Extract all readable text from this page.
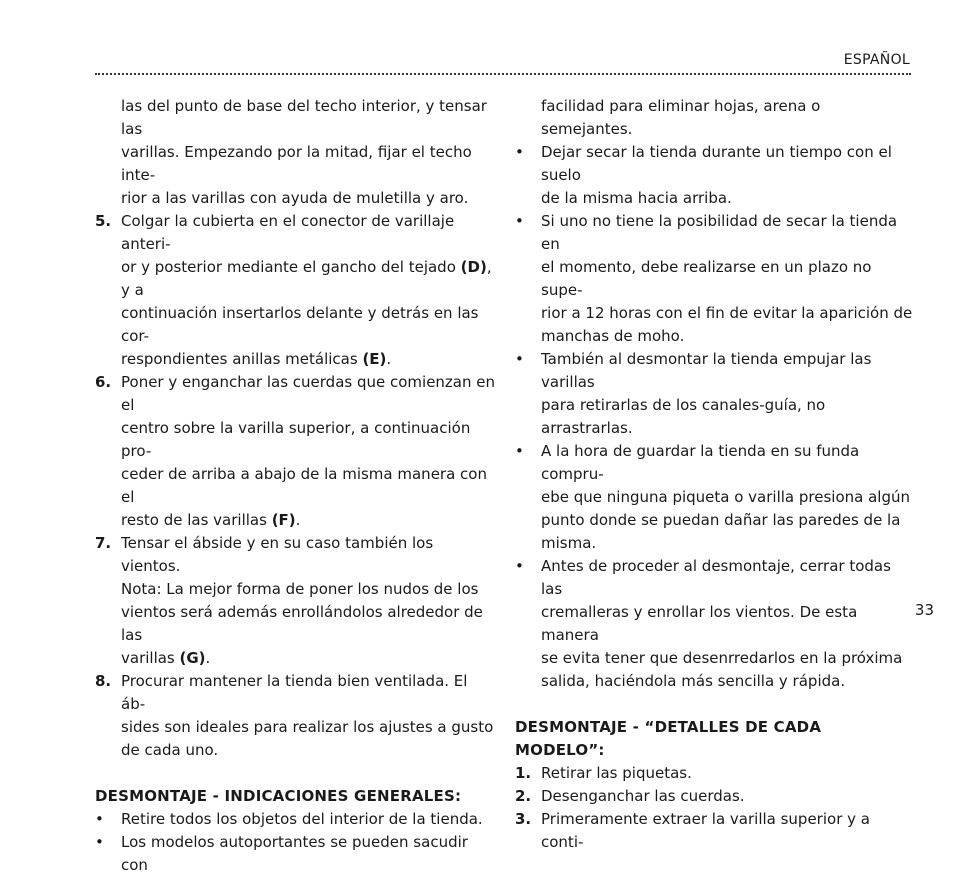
ESPAÑOL
las del punto de base del techo interior, y tensar las
varillas. Empezando por la mitad, fijar el techo inte-
rior a las varillas con ayuda de muletilla y aro.
5. Colgar la cubierta en el conector de varillaje anteri-
or y posterior mediante el gancho del tejado (D), y a
continuación insertarlos delante y detrás en las cor-
respondientes anillas metálicas (E).
6. Poner y enganchar las cuerdas que comienzan en el
centro sobre la varilla superior, a continuación pro-
ceder de arriba a abajo de la misma manera con el
resto de las varillas (F).
7. Tensar el ábside y en su caso también los vientos.
Nota: La mejor forma de poner los nudos de los
vientos será además enrollándolos alrededor de las
varillas (G).
8. Procurar mantener la tienda bien ventilada. El áb-
sides son ideales para realizar los ajustes a gusto
de cada uno.
DESMONTAJE - INDICACIONES GENERALES:
•	Retire todos los objetos del interior de la tienda.
•	Los modelos autoportantes se pueden sacudir con
facilidad para eliminar hojas, arena o semejantes.
•	Dejar secar la tienda durante un tiempo con el suelo
de la misma hacia arriba.
•	Si uno no tiene la posibilidad de secar la tienda en
el momento, debe realizarse en un plazo no supe-
rior a 12 horas con el fin de evitar la aparición de
manchas de moho.
•	También al desmontar la tienda empujar las varillas
para retirarlas de los canales-guía, no arrastrarlas.
•	A la hora de guardar la tienda en su funda compru-
ebe que ninguna piqueta o varilla presiona algún
punto donde se puedan dañar las paredes de la
misma.
•	Antes de proceder al desmontaje, cerrar todas las
cremalleras y enrollar los vientos. De esta manera
se evita tener que desenrredarlos en la próxima
salida, haciéndola más sencilla y rápida.
DESMONTAJE - “DETALLES DE CADA MODELO”:
1. Retirar las piquetas.
2. Desenganchar las cuerdas.
3. Primeramente extraer la varilla superior y a conti-
33
